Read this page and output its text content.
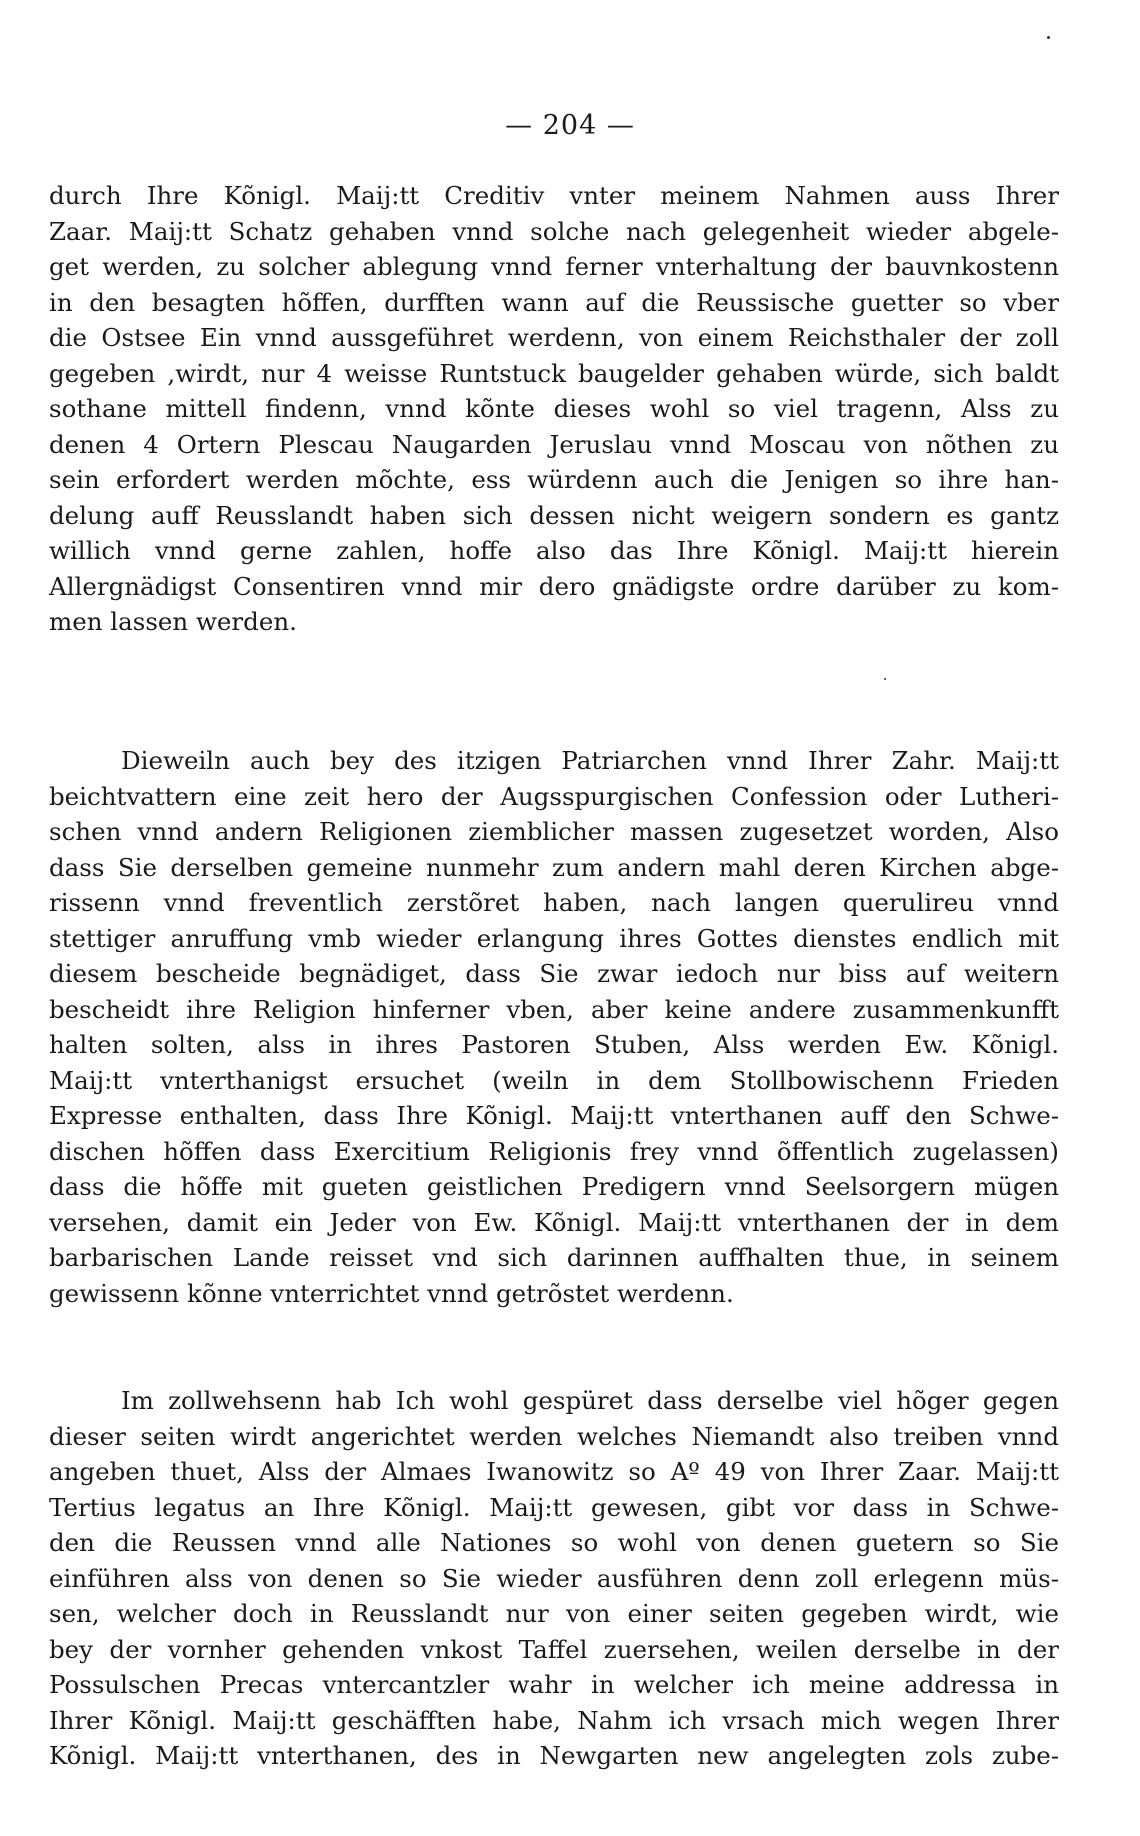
— 204 —
durch Ihre Kõnigl. Maij:tt Creditiv vnter meinem Nahmen auss Ihrer
Zaar. Maij:tt Schatz gehaben vnnd solche nach gelegenheit wieder abgele-
get werden, zu solcher ablegung vnnd ferner vnterhaltung der bauvnkostenn
in den besagten hõffen, durfften wann auf die Reussische guetter so vber
die Ostsee Ein vnnd aussgeführet werdenn, von einem Reichsthaler der zoll
gegeben ,wirdt, nur 4 weisse Runtstuck baugelder gehaben würde, sich baldt
sothane mittell findenn, vnnd kõnte dieses wohl so viel tragenn, Alss zu
denen 4 Ortern Plescau Naugarden Jeruslau vnnd Moscau von nõthen zu
sein erfordert werden mõchte, ess würdenn auch die Jenigen so ihre han-
delung auff Reusslandt haben sich dessen nicht weigern sondern es gantz
willich vnnd gerne zahlen, hoffe also das Ihre Kõnigl. Maij:tt hierein
Allergnädigst Consentiren vnnd mir dero gnädigste ordre darüber zu kom-
men lassen werden.
Dieweiln auch bey des itzigen Patriarchen vnnd Ihrer Zahr. Maij:tt
beichtvattern eine zeit hero der Augsspurgischen Confession oder Lutheri-
schen vnnd andern Religionen ziemblicher massen zugesetzet worden, Also
dass Sie derselben gemeine nunmehr zum andern mahl deren Kirchen abge-
rissenn vnnd freventlich zerstõret haben, nach langen querulireu vnnd
stettiger anruffung vmb wieder erlangung ihres Gottes dienstes endlich mit
diesem bescheide begnädiget, dass Sie zwar iedoch nur biss auf weitern
bescheidt ihre Religion hinferner vben, aber keine andere zusammenkunfft
halten solten, alss in ihres Pastoren Stuben, Alss werden Ew. Kõnigl.
Maij:tt vnterthanigst ersuchet (weiln in dem Stollbowischenn Frieden
Expresse enthalten, dass Ihre Kõnigl. Maij:tt vnterthanen auff den Schwe-
dischen hõffen dass Exercitium Religionis frey vnnd õffentlich zugelassen)
dass die hõffe mit gueten geistlichen Predigern vnnd Seelsorgern mügen
versehen, damit ein Jeder von Ew. Kõnigl. Maij:tt vnterthanen der in dem
barbarischen Lande reisset vnd sich darinnen auffhalten thue, in seinem
gewissenn kõnne vnterrichtet vnnd getrõstet werdenn.
Im zollwehsenn hab Ich wohl gespüret dass derselbe viel hõger gegen
dieser seiten wirdt angerichtet werden welches Niemandt also treiben vnnd
angeben thuet, Alss der Almaes Iwanowitz so Aº 49 von Ihrer Zaar. Maij:tt
Tertius legatus an Ihre Kõnigl. Maij:tt gewesen, gibt vor dass in Schwe-
den die Reussen vnnd alle Nationes so wohl von denen guetern so Sie
einführen alss von denen so Sie wieder ausführen denn zoll erlegenn müs-
sen, welcher doch in Reusslandt nur von einer seiten gegeben wirdt, wie
bey der vornher gehenden vnkost Taffel zuersehen, weilen derselbe in der
Possulschen Precas vntercantzler wahr in welcher ich meine addressa in
Ihrer Kõnigl. Maij:tt geschäfften habe, Nahm ich vrsach mich wegen Ihrer
Kõnigl. Maij:tt vnterthanen, des in Newgarten new angelegten zols zube-
